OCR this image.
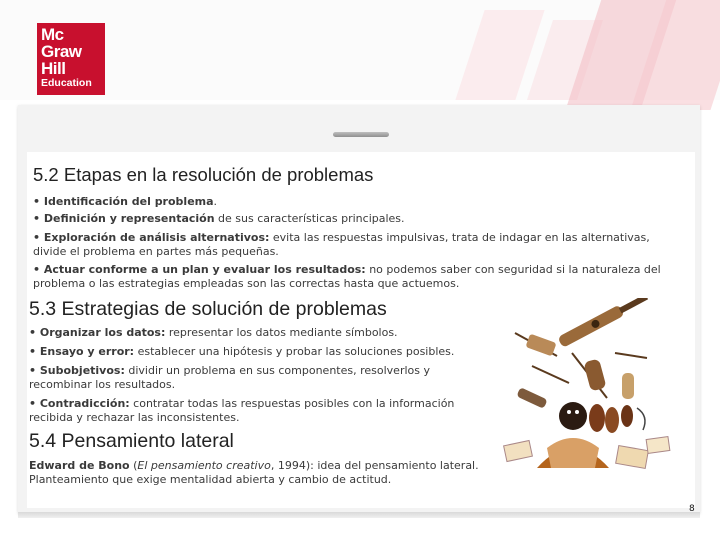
Mc
Graw
Hill
Education
5.2 Etapas en la resolución de problemas
• Identificación del problema.
• Definición y representación de sus características principales.
• Exploración de análisis alternativos: evita las respuestas impulsivas, trata de indagar en las alternativas, divide el problema en partes más pequeñas.
• Actuar conforme a un plan y evaluar los resultados: no podemos saber con seguridad si la naturaleza del problema o las estrategias empleadas son las correctas hasta que actuemos.
5.3 Estrategias de solución de problemas
• Organizar los datos: representar los datos mediante símbolos.
• Ensayo y error: establecer una hipótesis y probar las soluciones posibles.
• Subobjetivos: dividir un problema en sus componentes, resolverlos y recombinar los resultados.
• Contradicción: contratar todas las respuestas posibles con la información recibida y rechazar las inconsistentes.
5.4 Pensamiento lateral
Edward de Bono (El pensamiento creativo, 1994): idea del pensamiento lateral.
Planteamiento que exige mentalidad abierta y cambio de actitud.
8
